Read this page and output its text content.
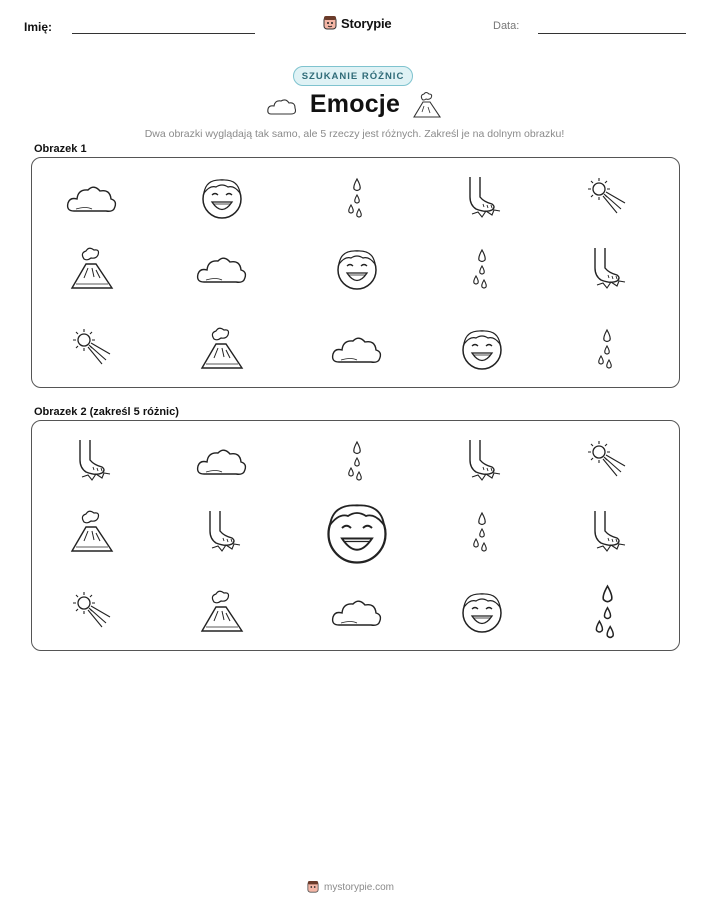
Imię:	Storypie	Data:
SZUKANIE RÓŻNIC
Emocje
Dwa obrazki wyglądają tak samo, ale 5 rzeczy jest różnych. Zakreśl je na dolnym obrazku!
Obrazek 1
Obrazek 2 (zakreśl 5 różnic)
mystorypie.com
